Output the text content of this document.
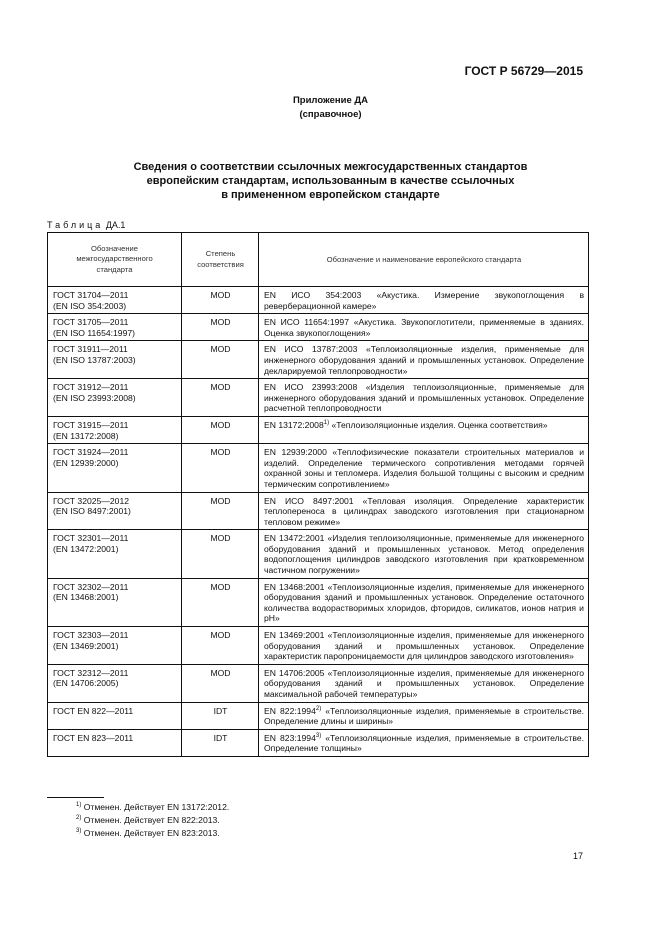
ГОСТ Р 56729—2015
Приложение ДА
(справочное)
Сведения о соответствии ссылочных межгосударственных стандартов
европейским стандартам, использованным в качестве ссылочных
в примененном европейском стандарте
Таблица ДА.1
Обозначение межгосударственного стандарта	Степень соответствия	Обозначение и наименование европейского стандарта

ГОСТ 31704—2011
(EN ISO 354:2003)	MOD	EN ИСО 354:2003 «Акустика. Измерение звукопоглощения в реверберационной камере»

ГОСТ 31705—2011
(EN ISO 11654:1997)	MOD	EN ИСО 11654:1997 «Акустика. Звукопоглотители, применяемые в зданиях. Оценка звукопоглощения»

ГОСТ 31911—2011
(EN ISO 13787:2003)	MOD	EN ИСО 13787:2003 «Теплоизоляционные изделия, применяемые для инженерного оборудования зданий и промышленных установок. Определение декларируемой теплопроводности»

ГОСТ 31912—2011
(EN ISO 23993:2008)	MOD	EN ИСО 23993:2008 «Изделия теплоизоляционные, применяемые для инженерного оборудования зданий и промышленных установок. Определение расчетной теплопроводности

ГОСТ 31915—2011
(EN 13172:2008)	MOD	EN 13172:2008$^{1)}$ «Теплоизоляционные изделия. Оценка соответствия»

ГОСТ 31924—2011
(EN 12939:2000)	MOD	EN 12939:2000 «Теплофизические показатели строительных материалов и изделий. Определение термического сопротивления методами горячей охранной зоны и тепломера. Изделия большой толщины с высоким и средним термическим сопротивлением»

ГОСТ 32025—2012
(EN ISO 8497:2001)	MOD	EN ИСО 8497:2001 «Тепловая изоляция. Определение характеристик теплопереноса в цилиндрах заводского изготовления при стационарном тепловом режиме»

ГОСТ 32301—2011
(EN 13472:2001)	MOD	EN 13472:2001 «Изделия теплоизоляционные, применяемые для инженерного оборудования зданий и промышленных установок. Метод определения водопоглощения цилиндров заводского изготовления при кратковременном частичном погружении»

ГОСТ 32302—2011
(EN 13468:2001)	MOD	EN 13468:2001 «Теплоизоляционные изделия, применяемые для инженерного оборудования зданий и промышленных установок. Определение остаточного количества водорастворимых хлоридов, фторидов, силикатов, ионов натрия и pH»

ГОСТ 32303—2011
(EN 13469:2001)	MOD	EN 13469:2001 «Теплоизоляционные изделия, применяемые для инженерного оборудования зданий и промышленных установок. Определение характеристик паропроницаемости для цилиндров заводского изготовления»

ГОСТ 32312—2011
(EN 14706:2005)	MOD	EN 14706:2005 «Теплоизоляционные изделия, применяемые для инженерного оборудования зданий и промышленных установок. Определение максимальной рабочей температуры»

ГОСТ EN 822—2011	IDT	EN 822:1994$^{2)}$ «Теплоизоляционные изделия, применяемые в строительстве. Определение длины и ширины»

ГОСТ EN 823—2011	IDT	EN 823:1994$^{3)}$ «Теплоизоляционные изделия, применяемые в строительстве. Определение толщины»
$^{1)}$ Отменен. Действует EN 13172:2012.
$^{2)}$ Отменен. Действует EN 822:2013.
$^{3)}$ Отменен. Действует EN 823:2013.
17
